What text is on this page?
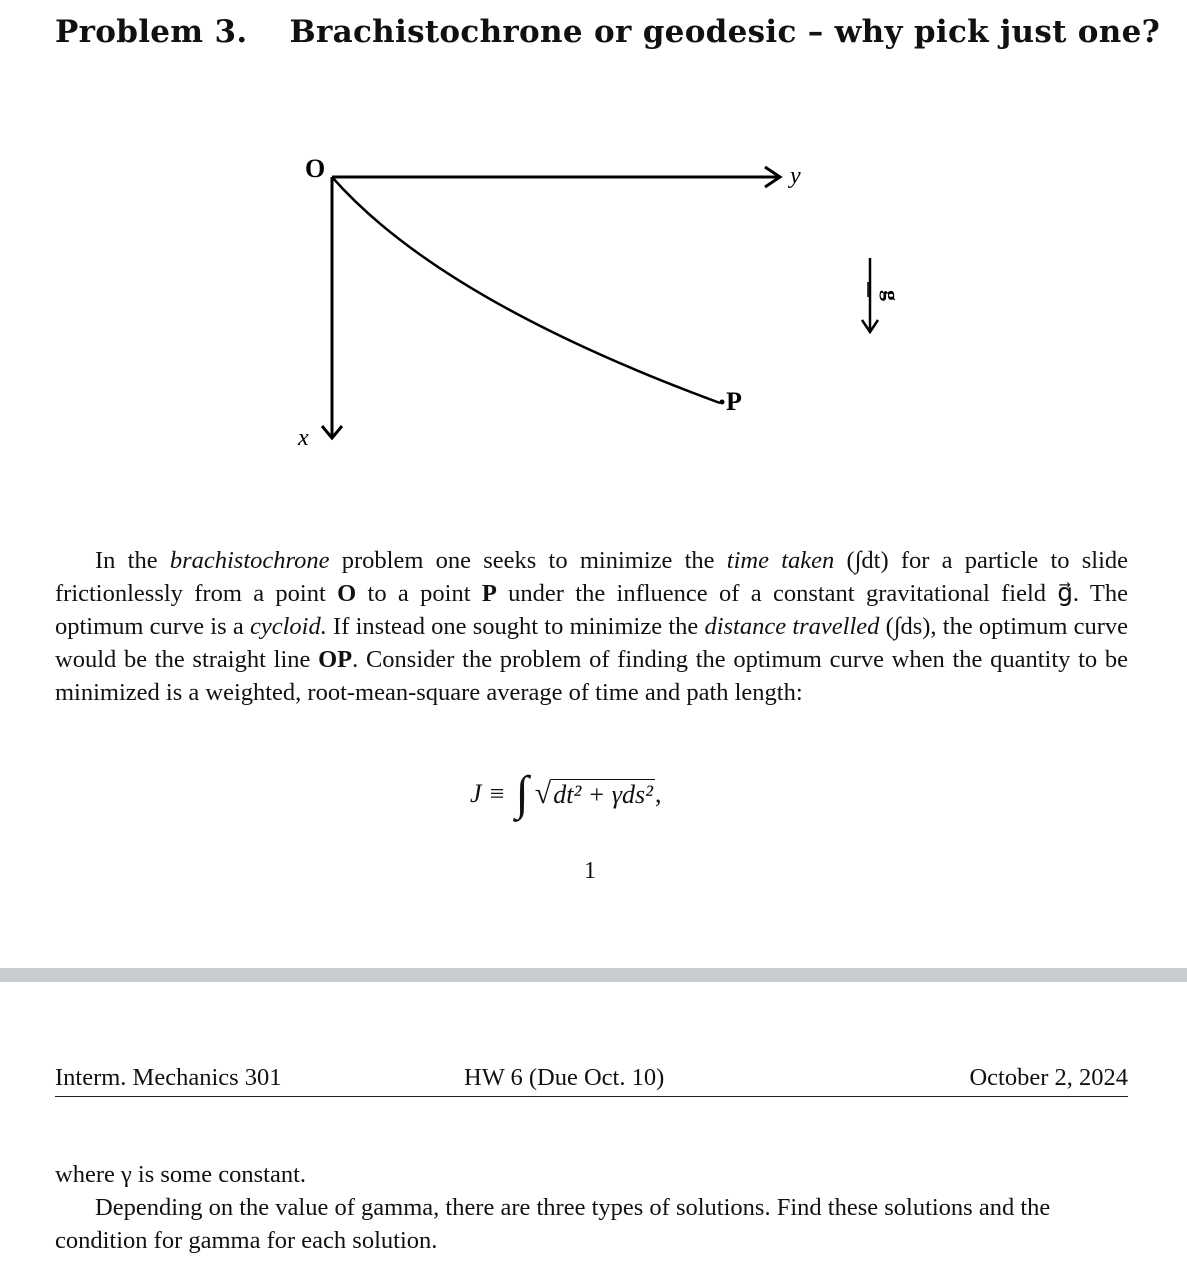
Problem 3. Brachistochrone or geodesic – why pick just one?
O	y
x
P
g
In the brachistochrone problem one seeks to minimize the time taken (∫dt) for a particle to slide frictionlessly from a point O to a point P under the influence of a constant gravitational field g⃗. The optimum curve is a cycloid. If instead one sought to minimize the distance travelled (∫ds), the optimum curve would be the straight line OP. Consider the problem of finding the optimum curve when the quantity to be minimized is a weighted, root-mean-square average of time and path length:
J ≡ ∫ √ dt² + γds² ,
1
Interm. Mechanics 301	HW 6 (Due Oct. 10)	October 2, 2024
where γ is some constant.
Depending on the value of gamma, there are three types of solutions. Find these solutions and the condition for gamma for each solution.
